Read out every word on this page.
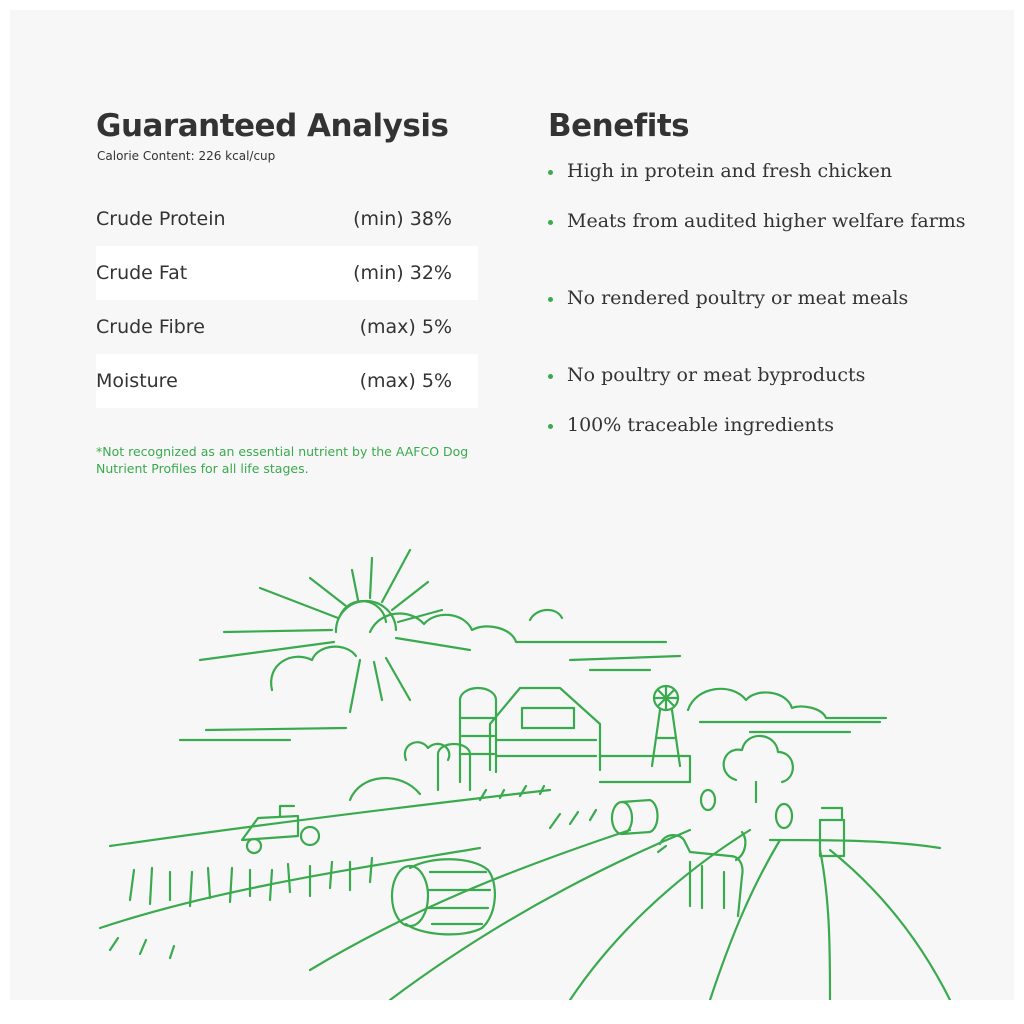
Guaranteed Analysis

Calorie Content: 226 kcal/cup

Crude Protein	(min) 38%
Crude Fat	(min) 32%
Crude Fibre	(max) 5%
Moisture	(max) 5%

*Not recognized as an essential nutrient by the AAFCO Dog Nutrient Profiles for all life stages.

Benefits
High in protein and fresh chicken
Meats from audited higher welfare farms
No rendered poultry or meat meals
No poultry or meat byproducts
100% traceable ingredients
